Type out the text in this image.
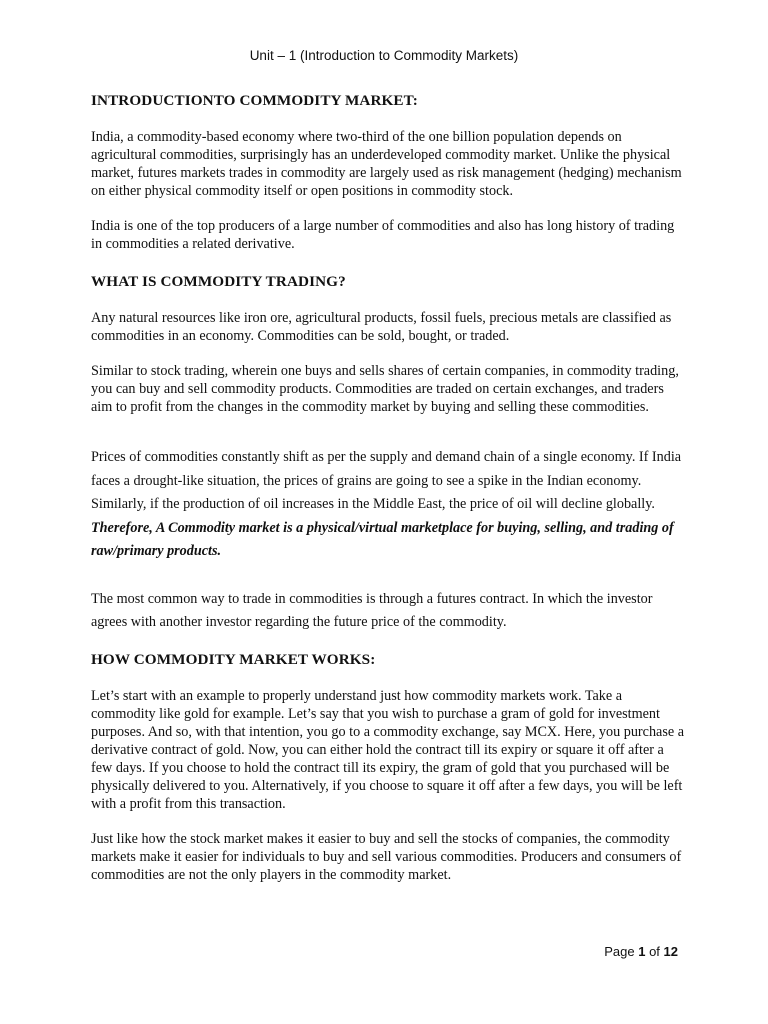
Unit – 1 (Introduction to Commodity Markets)
INTRODUCTIONTO COMMODITY MARKET:

India, a commodity-based economy where two-third of the one billion population depends on agricultural commodities, surprisingly has an underdeveloped commodity market. Unlike the physical market, futures markets trades in commodity are largely used as risk management (hedging) mechanism on either physical commodity itself or open positions in commodity stock.

India is one of the top producers of a large number of commodities and also has long history of trading in commodities a related derivative.

WHAT IS COMMODITY TRADING?

Any natural resources like iron ore, agricultural products, fossil fuels, precious metals are classified as commodities in an economy. Commodities can be sold, bought, or traded.

Similar to stock trading, wherein one buys and sells shares of certain companies, in commodity trading, you can buy and sell commodity products. Commodities are traded on certain exchanges, and traders aim to profit from the changes in the commodity market by buying and selling these commodities.

Prices of commodities constantly shift as per the supply and demand chain of a single economy. If India faces a drought-like situation, the prices of grains are going to see a spike in the Indian economy. Similarly, if the production of oil increases in the Middle East, the price of oil will decline globally.

Therefore, A Commodity market is a physical/virtual marketplace for buying, selling, and trading of raw/primary products.

The most common way to trade in commodities is through a futures contract. In which the investor agrees with another investor regarding the future price of the commodity.

HOW COMMODITY MARKET WORKS:

Let’s start with an example to properly understand just how commodity markets work. Take a commodity like gold for example. Let’s say that you wish to purchase a gram of gold for investment purposes. And so, with that intention, you go to a commodity exchange, say MCX. Here, you purchase a derivative contract of gold. Now, you can either hold the contract till its expiry or square it off after a few days. If you choose to hold the contract till its expiry, the gram of gold that you purchased will be physically delivered to you. Alternatively, if you choose to square it off after a few days, you will be left with a profit from this transaction.

Just like how the stock market makes it easier to buy and sell the stocks of companies, the commodity markets make it easier for individuals to buy and sell various commodities. Producers and consumers of commodities are not the only players in the commodity market.

Page 1 of 12
